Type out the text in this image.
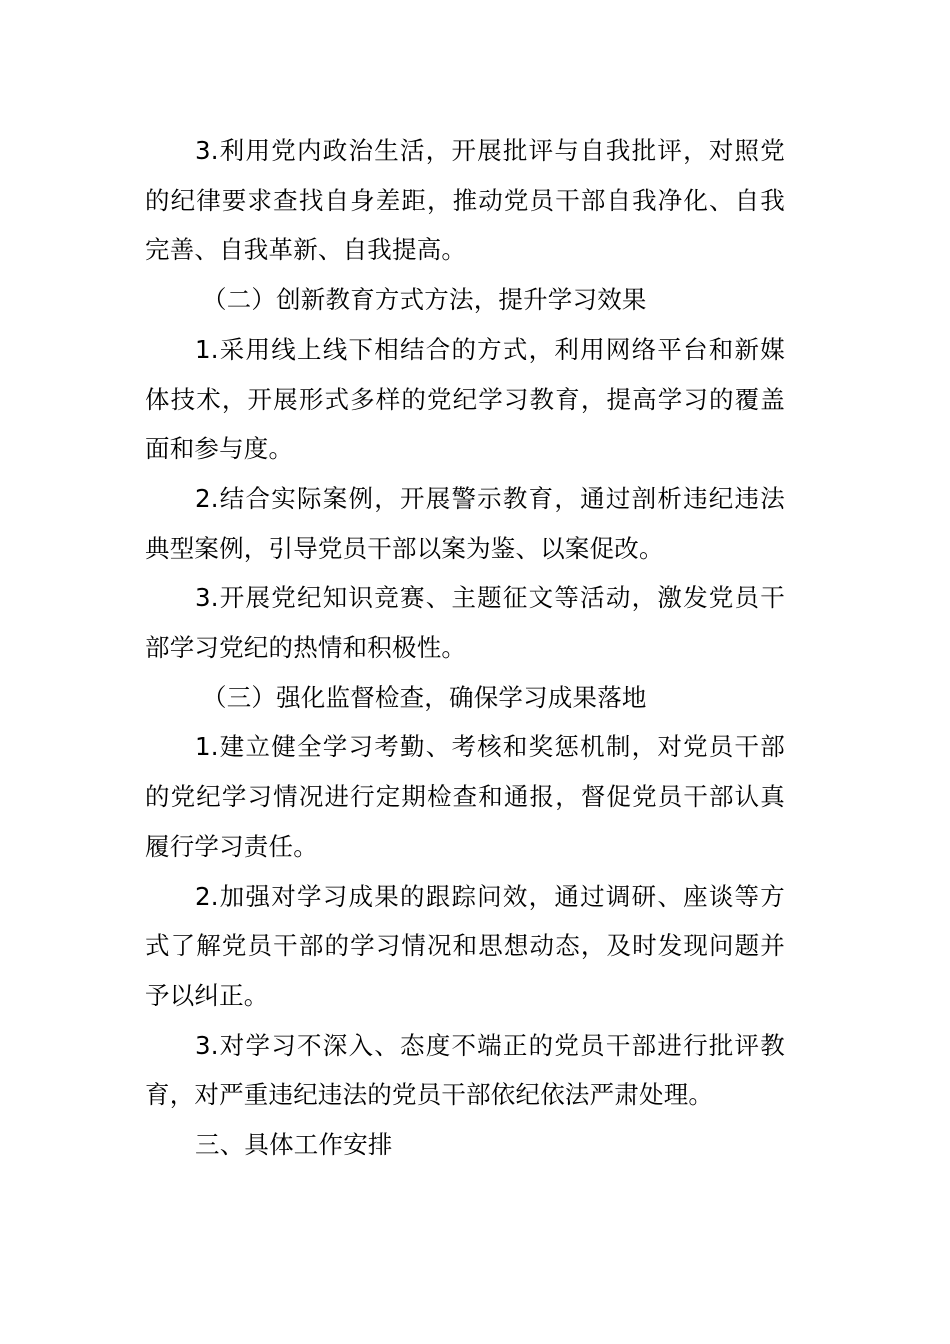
3.利用党内政治生活，开展批评与自我批评，对照党的纪律要求查找自身差距，推动党员干部自我净化、自我完善、自我革新、自我提高。

（二）创新教育方式方法，提升学习效果

1.采用线上线下相结合的方式，利用网络平台和新媒体技术，开展形式多样的党纪学习教育，提高学习的覆盖面和参与度。

2.结合实际案例，开展警示教育，通过剖析违纪违法典型案例，引导党员干部以案为鉴、以案促改。

3.开展党纪知识竞赛、主题征文等活动，激发党员干部学习党纪的热情和积极性。

（三）强化监督检查，确保学习成果落地

1.建立健全学习考勤、考核和奖惩机制，对党员干部的党纪学习情况进行定期检查和通报，督促党员干部认真履行学习责任。

2.加强对学习成果的跟踪问效，通过调研、座谈等方式了解党员干部的学习情况和思想动态，及时发现问题并予以纠正。

3.对学习不深入、态度不端正的党员干部进行批评教育，对严重违纪违法的党员干部依纪依法严肃处理。

三、具体工作安排
